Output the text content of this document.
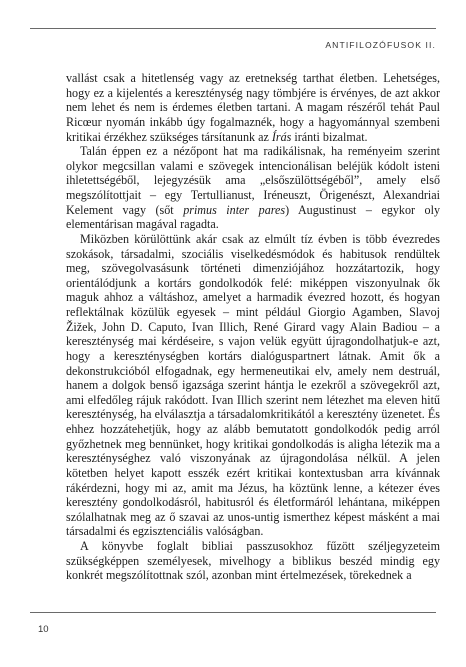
ANTIFILOZÓFUSOK II.

vallást csak a hitetlenség vagy az eretnekség tarthat életben. Lehetséges, hogy ez a kijelentés a kereszténység nagy tömbjére is érvényes, de azt akkor nem lehet és nem is érdemes életben tartani. A magam részéről tehát Paul Ricœur nyomán inkább úgy fogalmaznék, hogy a hagyománnyal szembeni kritikai érzékhez szükséges társítanunk az Írás iránti bizalmat.

Talán éppen ez a nézőpont hat ma radikálisnak, ha reményeim szerint olykor megcsillan valami e szövegek intencionálisan beléjük kódolt isteni ihletettségéből, lejegyzésük ama „elsőszülöttségéből”, amely első megszólítottjait – egy Tertullianust, Iréneuszt, Örigenészt, Alexandriai Kelement vagy (sőt primus inter pares) Augustinust – egykor oly elementárisan magával ragadta.

Miközben körülöttünk akár csak az elmúlt tíz évben is több évezredes szokások, társadalmi, szociális viselkedésmódok és habitusok rendültek meg, szövegolvasásunk történeti dimenziójához hozzátartozik, hogy orientálódjunk a kortárs gondolkodók felé: miképpen viszonyulnak ők maguk ahhoz a váltáshoz, amelyet a harmadik évezred hozott, és hogyan reflektálnak közülük egyesek – mint például Giorgio Agamben, Slavoj Žižek, John D. Caputo, Ivan Illich, René Girard vagy Alain Badiou – a kereszténység mai kérdéseire, s vajon velük együtt újragondolhatjuk-e azt, hogy a kereszténységben kortárs dialóguspartnert látnak. Amit ők a dekonstrukcióból elfogadnak, egy hermeneutikai elv, amely nem destruál, hanem a dolgok benső igazsága szerint hántja le ezekről a szövegekről azt, ami elfedőleg rájuk rakódott. Ivan Illich szerint nem létezhet ma eleven hitű kereszténység, ha elválasztja a társadalomkritikától a keresztény üzenetet. És ehhez hozzátehetjük, hogy az alább bemutatott gondolkodók pedig arról győzhetnek meg bennünket, hogy kritikai gondolkodás is aligha létezik ma a kereszténységhez való viszonyának az újragondolása nélkül. A jelen kötetben helyet kapott esszék ezért kritikai kontextusban arra kívánnak rákérdezni, hogy mi az, amit ma Jézus, ha köztünk lenne, a kétezer éves keresztény gondolkodásról, habitusról és életformáról lehántana, miképpen szólalhatnak meg az ő szavai az unos-untig ismerthez képest másként a mai társadalmi és egzisztenciális valóságban.

A könyvbe foglalt bibliai passzusokhoz fűzött széljegyzeteim szükségképpen személyesek, mivelhogy a biblikus beszéd mindig egy konkrét megszólítottnak szól, azonban mint értelmezések, törekednek a

10
